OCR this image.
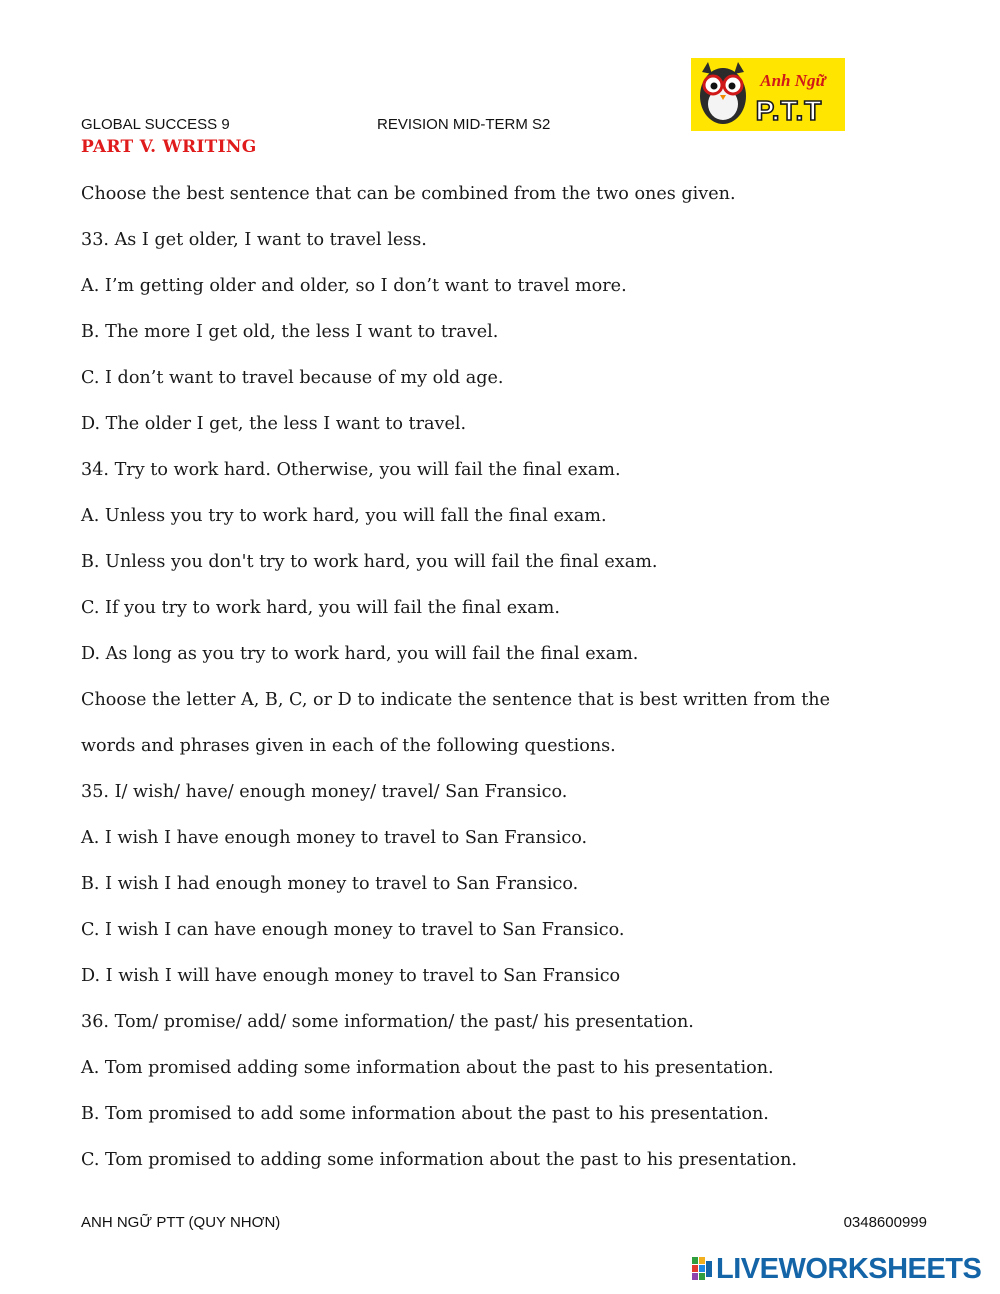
GLOBAL SUCCESS 9	REVISION MID-TERM S2
Anh Ngữ
P.T.T
PART V. WRITING
Choose the best sentence that can be combined from the two ones given.
33. As I get older, I want to travel less.
A. I’m getting older and older, so I don’t want to travel more.
B. The more I get old, the less I want to travel.
C. I don’t want to travel because of my old age.
D. The older I get, the less I want to travel.
34. Try to work hard. Otherwise, you will fail the final exam.
A. Unless you try to work hard, you will fall the final exam.
B. Unless you don't try to work hard, you will fail the final exam.
C. If you try to work hard, you will fail the final exam.
D. As long as you try to work hard, you will fail the final exam.
Choose the letter A, B, C, or D to indicate the sentence that is best written from the
words and phrases given in each of the following questions.
35. I/ wish/ have/ enough money/ travel/ San Fransico.
A. I wish I have enough money to travel to San Fransico.
B. I wish I had enough money to travel to San Fransico.
C. I wish I can have enough money to travel to San Fransico.
D. I wish I will have enough money to travel to San Fransico
36. Tom/ promise/ add/ some information/ the past/ his presentation.
A. Tom promised adding some information about the past to his presentation.
B. Tom promised to add some information about the past to his presentation.
C. Tom promised to adding some information about the past to his presentation.
ANH NGỮ PTT (QUY NHƠN)	0348600999
LIVEWORKSHEETS
